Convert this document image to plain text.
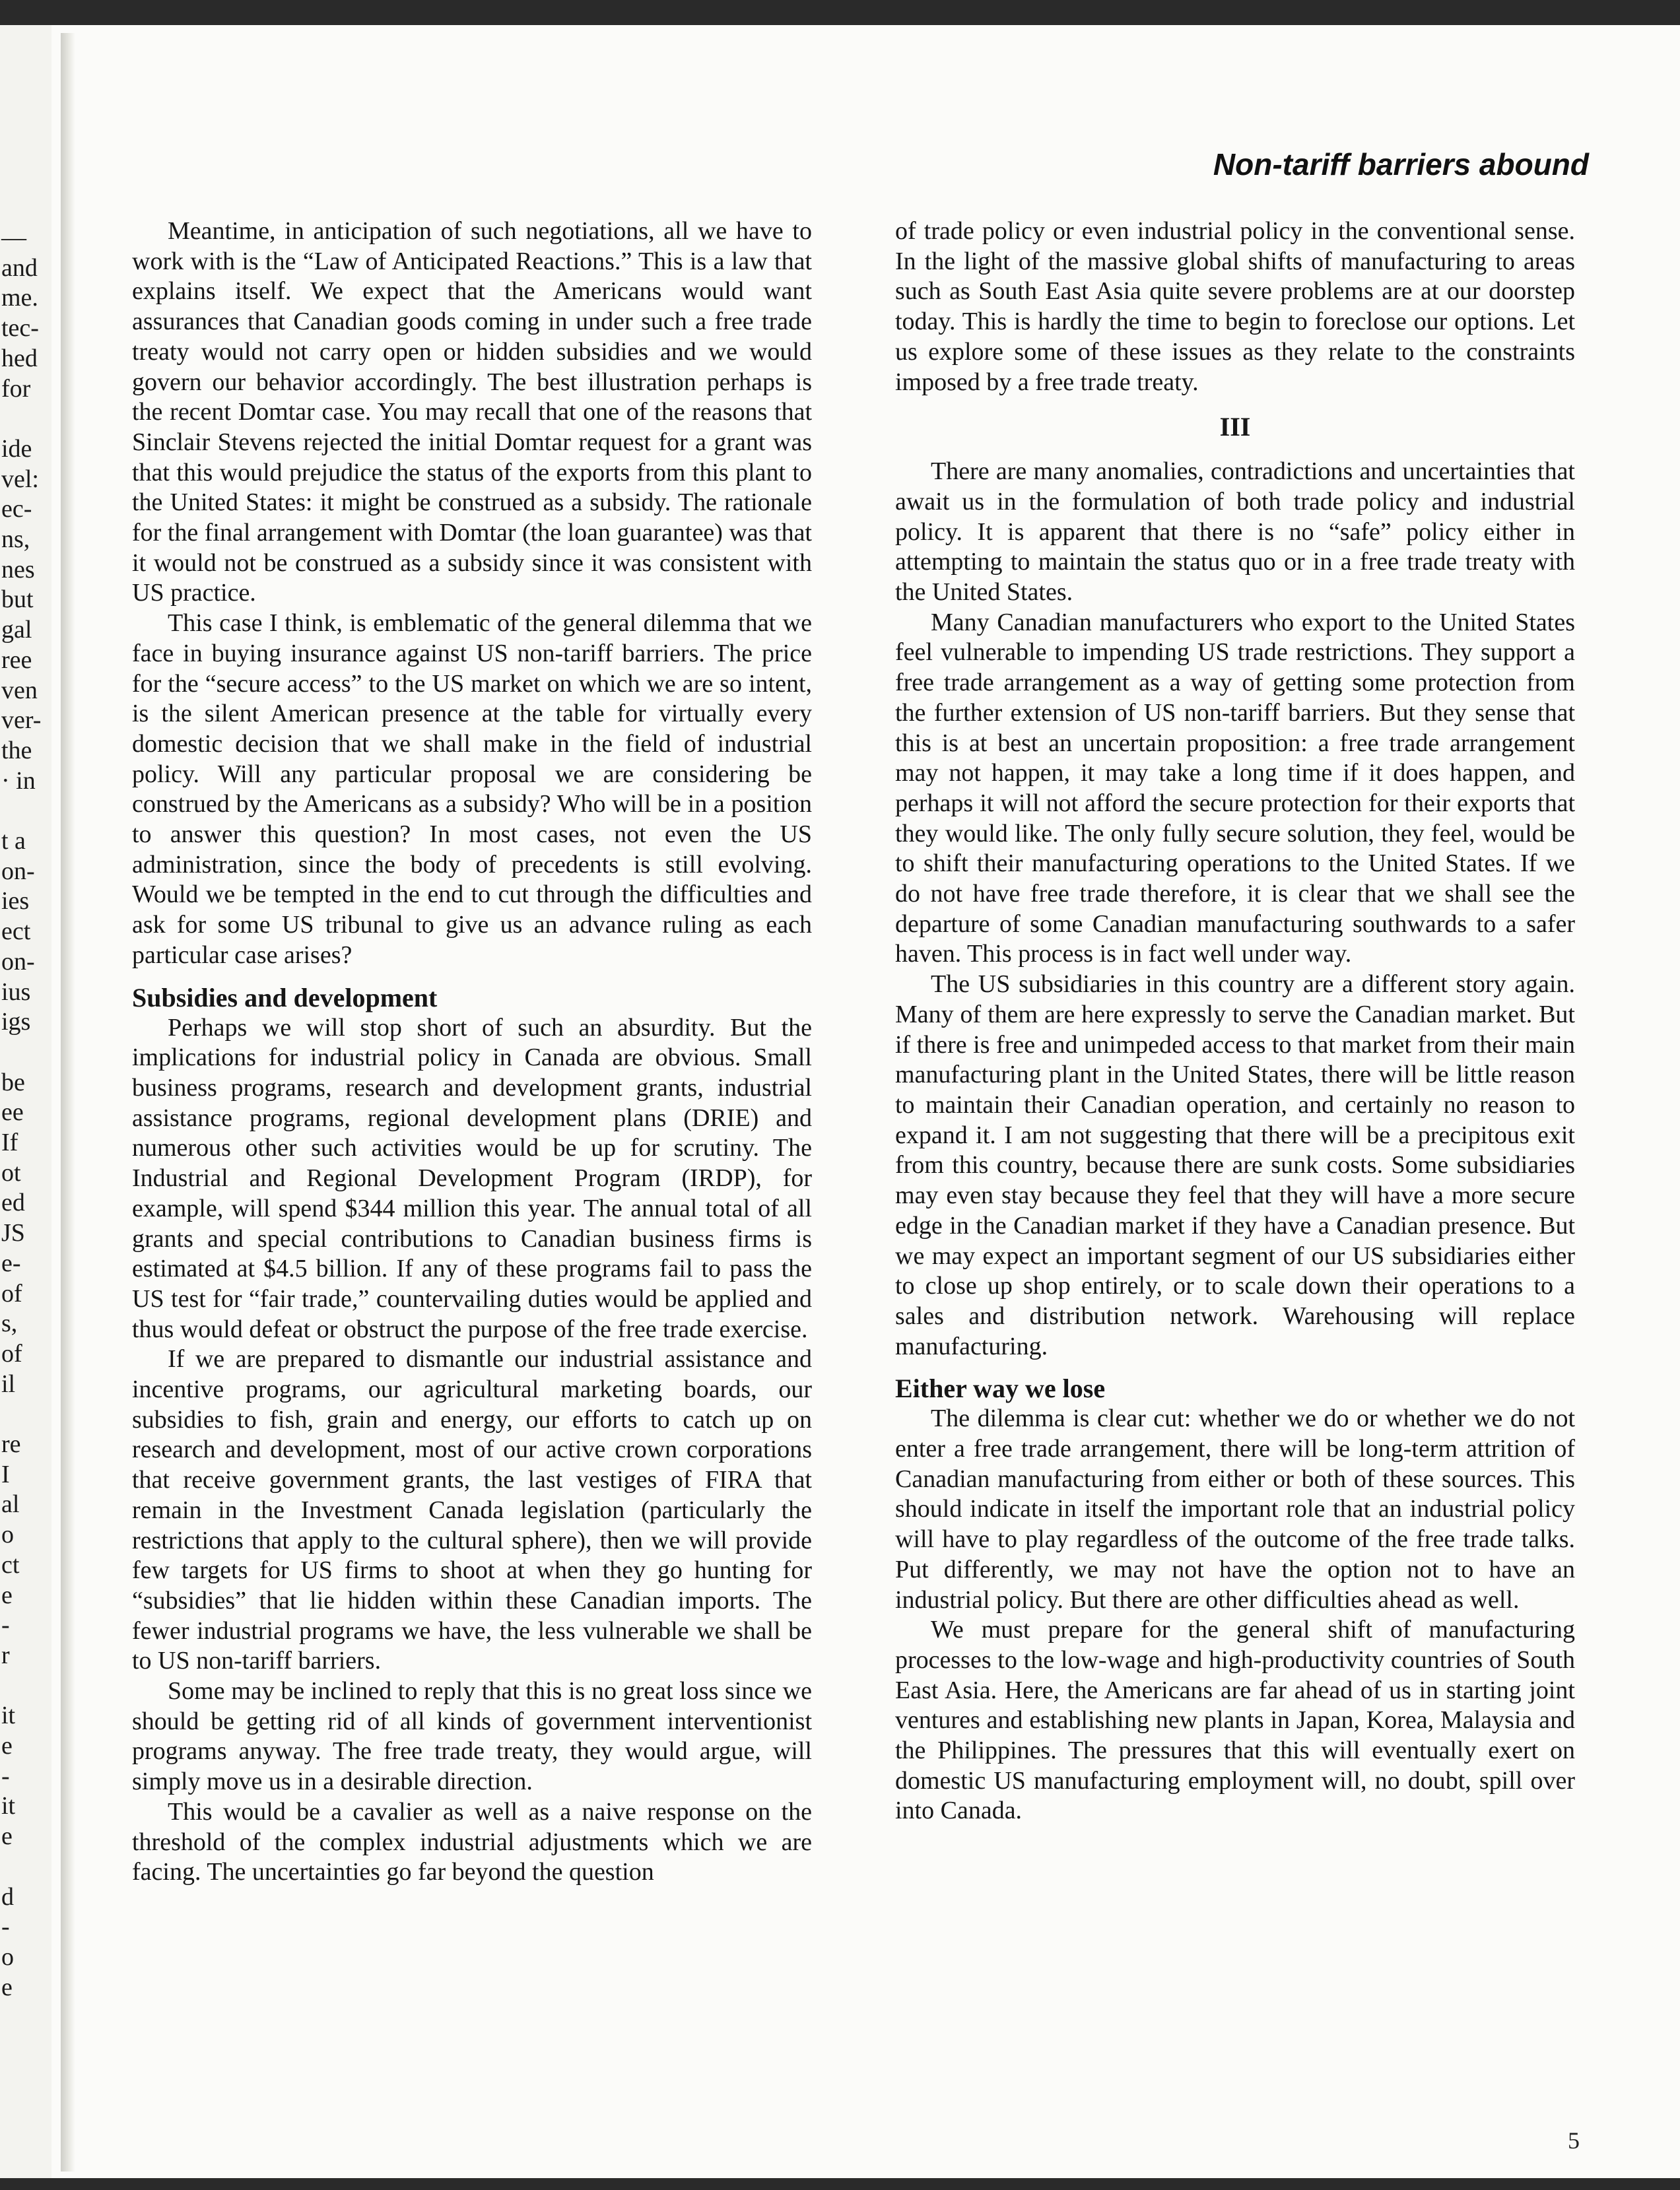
—
and
me.
tec-
hed
for
ide
vel:
ec-
ns,
nes
but
gal
ree
ven
ver-
the
· in
t a
on-
ies
ect
on-
ius
igs
be
ee
If
ot
ed
JS
e-
of
s,
of
il
re
I
al
o
ct
e
-
r
it
e
-
it
e
d
-
o
e
Non-tariff barriers abound

Meantime, in anticipation of such negotiations, all we have to work with is the “Law of Anticipated Reactions.” This is a law that explains itself. We expect that the Americans would want assurances that Canadian goods coming in under such a free trade treaty would not carry open or hidden subsidies and we would govern our behavior accordingly. The best illustration perhaps is the recent Domtar case. You may recall that one of the reasons that Sinclair Stevens rejected the initial Domtar request for a grant was that this would prejudice the status of the exports from this plant to the United States: it might be construed as a subsidy. The rationale for the final arrangement with Domtar (the loan guarantee) was that it would not be construed as a subsidy since it was consistent with US practice.

This case I think, is emblematic of the general dilemma that we face in buying insurance against US non-tariff barriers. The price for the “secure access” to the US market on which we are so intent, is the silent American presence at the table for virtually every domestic decision that we shall make in the field of industrial policy. Will any particular proposal we are considering be construed by the Americans as a subsidy? Who will be in a position to answer this question? In most cases, not even the US administration, since the body of precedents is still evolving. Would we be tempted in the end to cut through the difficulties and ask for some US tribunal to give us an advance ruling as each particular case arises?

Subsidies and development

Perhaps we will stop short of such an absurdity. But the implications for industrial policy in Canada are obvious. Small business programs, research and development grants, industrial assistance programs, regional development plans (DRIE) and numerous other such activities would be up for scrutiny. The Industrial and Regional Development Program (IRDP), for example, will spend $344 million this year. The annual total of all grants and special contributions to Canadian business firms is estimated at $4.5 billion. If any of these programs fail to pass the US test for “fair trade,” countervailing duties would be applied and thus would defeat or obstruct the purpose of the free trade exercise.

If we are prepared to dismantle our industrial assistance and incentive programs, our agricultural marketing boards, our subsidies to fish, grain and energy, our efforts to catch up on research and development, most of our active crown corporations that receive government grants, the last vestiges of FIRA that remain in the Investment Canada legislation (particularly the restrictions that apply to the cultural sphere), then we will provide few targets for US firms to shoot at when they go hunting for “subsidies” that lie hidden within these Canadian imports. The fewer industrial programs we have, the less vulnerable we shall be to US non-tariff barriers.

Some may be inclined to reply that this is no great loss since we should be getting rid of all kinds of government interventionist programs anyway. The free trade treaty, they would argue, will simply move us in a desirable direction.

This would be a cavalier as well as a naive response on the threshold of the complex industrial adjustments which we are facing. The uncertainties go far beyond the question

of trade policy or even industrial policy in the conventional sense. In the light of the massive global shifts of manufacturing to areas such as South East Asia quite severe problems are at our doorstep today. This is hardly the time to begin to foreclose our options. Let us explore some of these issues as they relate to the constraints imposed by a free trade treaty.

III

There are many anomalies, contradictions and uncertainties that await us in the formulation of both trade policy and industrial policy. It is apparent that there is no “safe” policy either in attempting to maintain the status quo or in a free trade treaty with the United States.

Many Canadian manufacturers who export to the United States feel vulnerable to impending US trade restrictions. They support a free trade arrangement as a way of getting some protection from the further extension of US non-tariff barriers. But they sense that this is at best an uncertain proposition: a free trade arrangement may not happen, it may take a long time if it does happen, and perhaps it will not afford the secure protection for their exports that they would like. The only fully secure solution, they feel, would be to shift their manufacturing operations to the United States. If we do not have free trade therefore, it is clear that we shall see the departure of some Canadian manufacturing southwards to a safer haven. This process is in fact well under way.

The US subsidiaries in this country are a different story again. Many of them are here expressly to serve the Canadian market. But if there is free and unimpeded access to that market from their main manufacturing plant in the United States, there will be little reason to maintain their Canadian operation, and certainly no reason to expand it. I am not suggesting that there will be a precipitous exit from this country, because there are sunk costs. Some subsidiaries may even stay because they feel that they will have a more secure edge in the Canadian market if they have a Canadian presence. But we may expect an important segment of our US subsidiaries either to close up shop entirely, or to scale down their operations to a sales and distribution network. Warehousing will replace manufacturing.

Either way we lose

The dilemma is clear cut: whether we do or whether we do not enter a free trade arrangement, there will be long-term attrition of Canadian manufacturing from either or both of these sources. This should indicate in itself the important role that an industrial policy will have to play regardless of the outcome of the free trade talks. Put differently, we may not have the option not to have an industrial policy. But there are other difficulties ahead as well.

We must prepare for the general shift of manufacturing processes to the low-wage and high-productivity countries of South East Asia. Here, the Americans are far ahead of us in starting joint ventures and establishing new plants in Japan, Korea, Malaysia and the Philippines. The pressures that this will eventually exert on domestic US manufacturing employment will, no doubt, spill over into Canada.

5
